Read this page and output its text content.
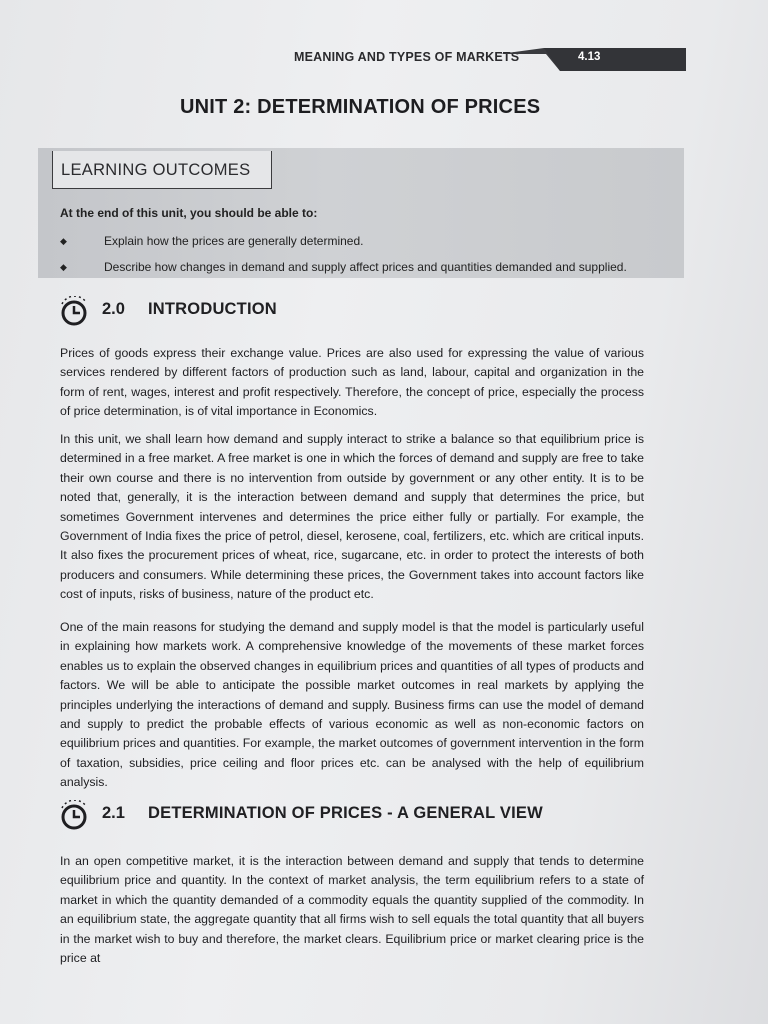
MEANING AND TYPES OF MARKETS	4.13
UNIT 2: DETERMINATION OF PRICES
LEARNING OUTCOMES
At the end of this unit, you should be able to:
◆	Explain how the prices are generally determined.
◆	Describe how changes in demand and supply affect prices and quantities demanded and supplied.
2.0 INTRODUCTION
Prices of goods express their exchange value. Prices are also used for expressing the value of various services rendered by different factors of production such as land, labour, capital and organization in the form of rent, wages, interest and profit respectively. Therefore, the concept of price, especially the process of price determination, is of vital importance in Economics.
In this unit, we shall learn how demand and supply interact to strike a balance so that equilibrium price is determined in a free market. A free market is one in which the forces of demand and supply are free to take their own course and there is no intervention from outside by government or any other entity. It is to be noted that, generally, it is the interaction between demand and supply that determines the price, but sometimes Government intervenes and determines the price either fully or partially. For example, the Government of India fixes the price of petrol, diesel, kerosene, coal, fertilizers, etc. which are critical inputs. It also fixes the procurement prices of wheat, rice, sugarcane, etc. in order to protect the interests of both producers and consumers. While determining these prices, the Government takes into account factors like cost of inputs, risks of business, nature of the product etc.
One of the main reasons for studying the demand and supply model is that the model is particularly useful in explaining how markets work. A comprehensive knowledge of the movements of these market forces enables us to explain the observed changes in equilibrium prices and quantities of all types of products and factors. We will be able to anticipate the possible market outcomes in real markets by applying the principles underlying the interactions of demand and supply. Business firms can use the model of demand and supply to predict the probable effects of various economic as well as non-economic factors on equilibrium prices and quantities. For example, the market outcomes of government intervention in the form of taxation, subsidies, price ceiling and floor prices etc. can be analysed with the help of equilibrium analysis.
2.1 DETERMINATION OF PRICES - A GENERAL VIEW
In an open competitive market, it is the interaction between demand and supply that tends to determine equilibrium price and quantity. In the context of market analysis, the term equilibrium refers to a state of market in which the quantity demanded of a commodity equals the quantity supplied of the commodity. In an equilibrium state, the aggregate quantity that all firms wish to sell equals the total quantity that all buyers in the market wish to buy and therefore, the market clears. Equilibrium price or market clearing price is the price at
